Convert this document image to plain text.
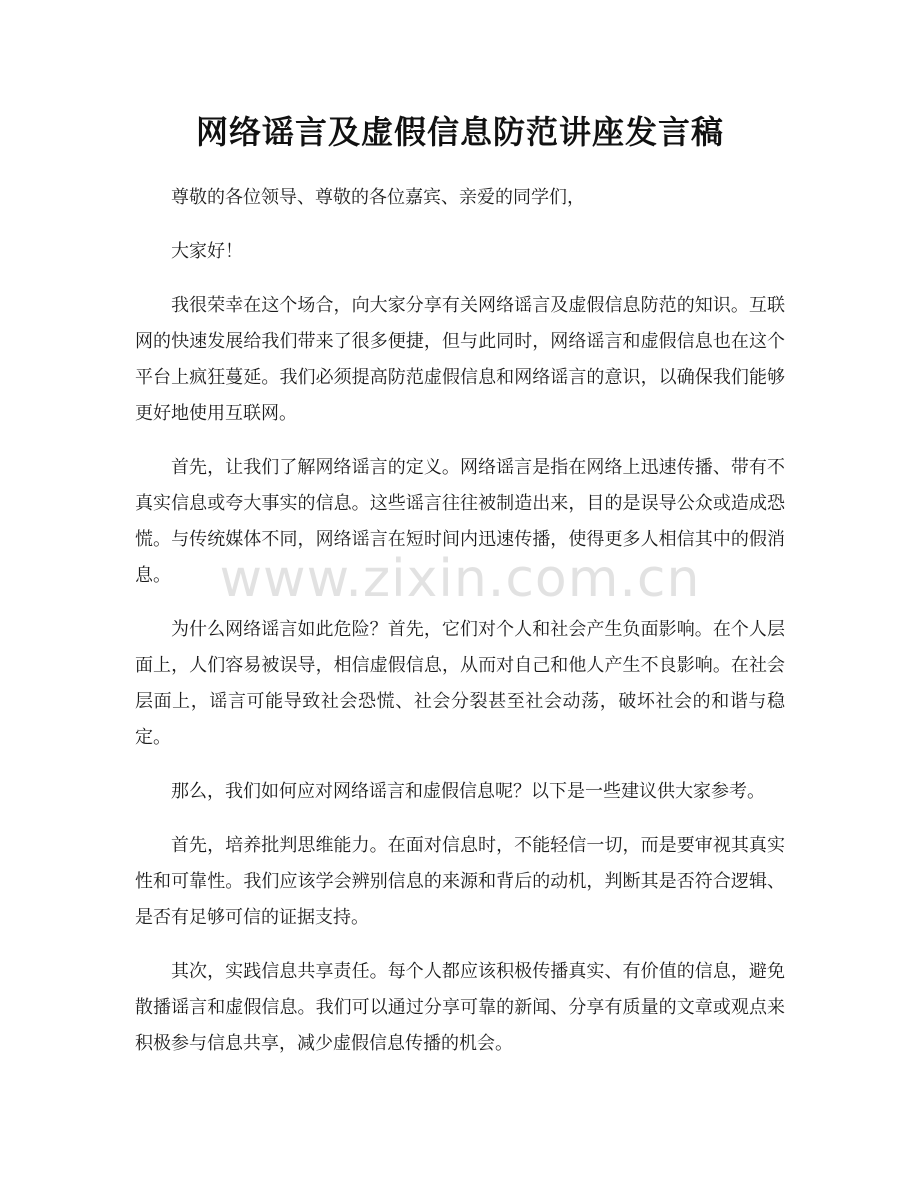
网络谣言及虚假信息防范讲座发言稿

尊敬的各位领导、尊敬的各位嘉宾、亲爱的同学们，

大家好！

我很荣幸在这个场合，向大家分享有关网络谣言及虚假信息防范的知识。互联网的快速发展给我们带来了很多便捷，但与此同时，网络谣言和虚假信息也在这个平台上疯狂蔓延。我们必须提高防范虚假信息和网络谣言的意识，以确保我们能够更好地使用互联网。

首先，让我们了解网络谣言的定义。网络谣言是指在网络上迅速传播、带有不真实信息或夸大事实的信息。这些谣言往往被制造出来，目的是误导公众或造成恐慌。与传统媒体不同，网络谣言在短时间内迅速传播，使得更多人相信其中的假消息。

为什么网络谣言如此危险？首先，它们对个人和社会产生负面影响。在个人层面上，人们容易被误导，相信虚假信息，从而对自己和他人产生不良影响。在社会层面上，谣言可能导致社会恐慌、社会分裂甚至社会动荡，破坏社会的和谐与稳定。

那么，我们如何应对网络谣言和虚假信息呢？以下是一些建议供大家参考。

首先，培养批判思维能力。在面对信息时，不能轻信一切，而是要审视其真实性和可靠性。我们应该学会辨别信息的来源和背后的动机，判断其是否符合逻辑、是否有足够可信的证据支持。

其次，实践信息共享责任。每个人都应该积极传播真实、有价值的信息，避免散播谣言和虚假信息。我们可以通过分享可靠的新闻、分享有质量的文章或观点来积极参与信息共享，减少虚假信息传播的机会。

www.zixin.com.cn
